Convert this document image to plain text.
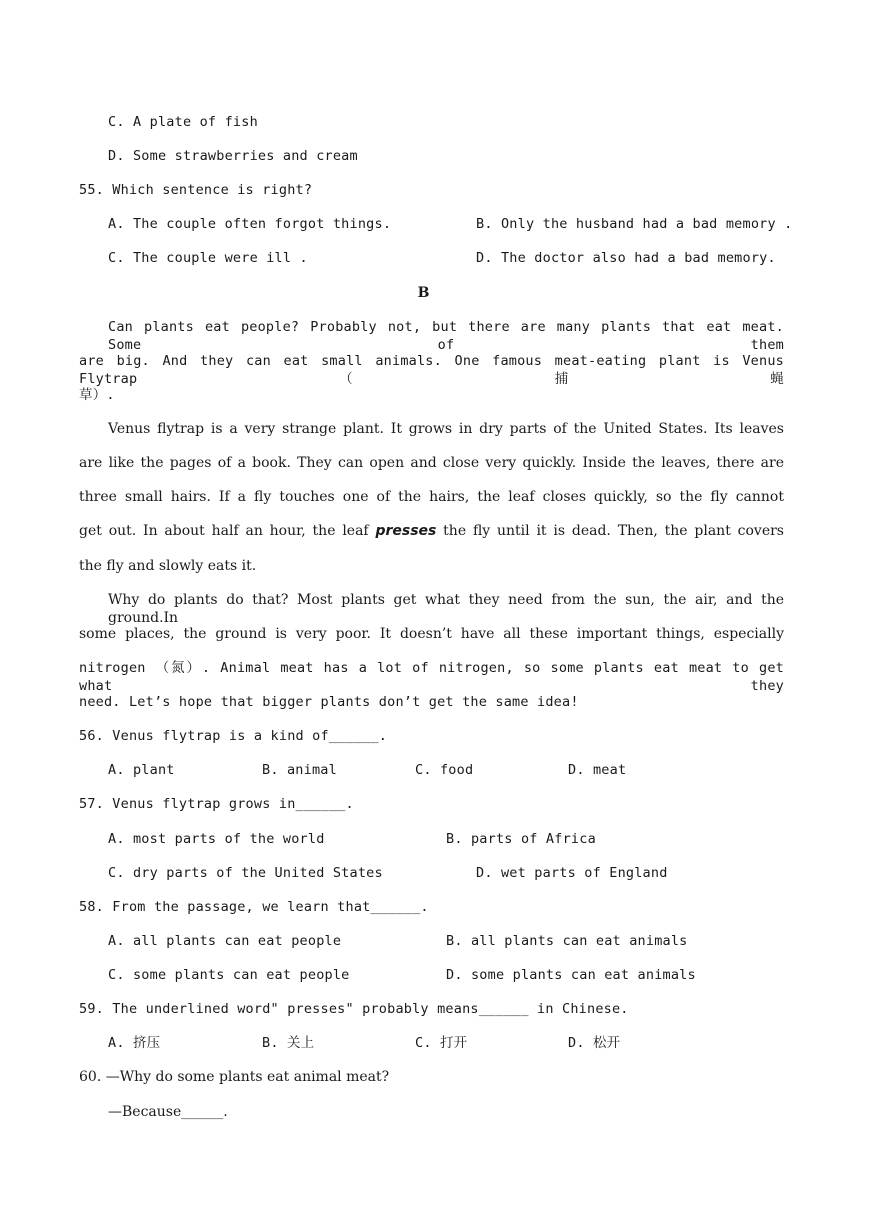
C. A plate of fish
D. Some strawberries and cream
55. Which sentence is right?
A. The couple often forgot things.	B. Only the husband had a bad memory .
C. The couple were ill .	D. The doctor also had a bad memory.
B
Can plants eat people? Probably not, but there are many plants that eat meat. Some of them
are big. And they can eat small animals. One famous meat-eating plant is Venus Flytrap（捕蝇
草）.
Venus flytrap is a very strange plant. It grows in dry parts of the United States. Its leaves
are like the pages of a book. They can open and close very quickly. Inside the leaves, there are
three small hairs. If a fly touches one of the hairs, the leaf closes quickly, so the fly cannot
get out. In about half an hour, the leaf presses the fly until it is dead. Then, the plant covers
the fly and slowly eats it.
Why do plants do that? Most plants get what they need from the sun, the air, and the ground.In
some places, the ground is very poor. It doesn’t have all these important things, especially
nitrogen （氮）. Animal meat has a lot of nitrogen, so some plants eat meat to get what they
need. Let’s hope that bigger plants don’t get the same idea!
56. Venus flytrap is a kind of______.
A. plant	B. animal	C. food	D. meat
57. Venus flytrap grows in______.
A. most parts of the world	B. parts of Africa
C. dry parts of the United States	D. wet parts of England
58. From the passage, we learn that______.
A. all plants can eat people	B. all plants can eat animals
C. some plants can eat people	D. some plants can eat animals
59. The underlined word" presses" probably means______ in Chinese.
A. 挤压	B. 关上	C. 打开	D. 松开
60. —Why do some plants eat animal meat?
—Because______.
